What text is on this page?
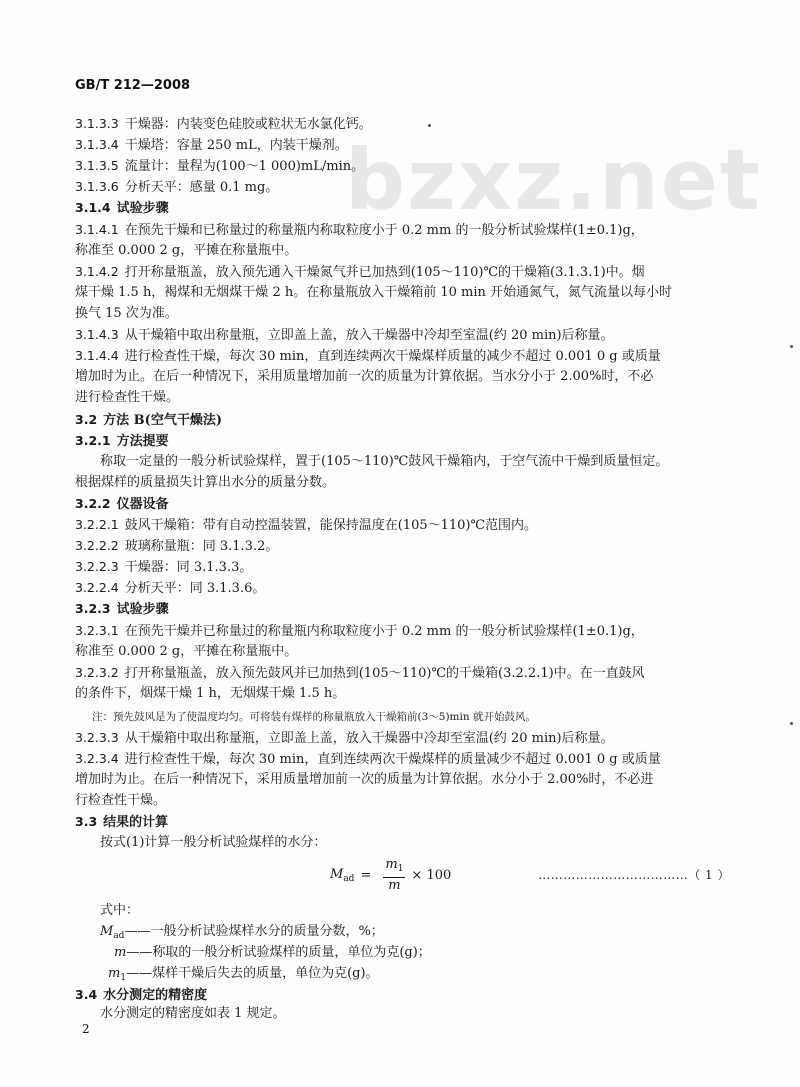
bzxz.net
GB/T 212—2008
3.1.3.3 干燥器：内装变色硅胶或粒状无水氯化钙。
3.1.3.4 干燥塔：容量 250 mL，内装干燥剂。
3.1.3.5 流量计：量程为(100～1 000)mL/min。
3.1.3.6 分析天平：感量 0.1 mg。
3.1.4 试验步骤
3.1.4.1 在预先干燥和已称量过的称量瓶内称取粒度小于 0.2 mm 的一般分析试验煤样(1±0.1)g，
称准至 0.000 2 g，平摊在称量瓶中。
3.1.4.2 打开称量瓶盖，放入预先通入干燥氮气并已加热到(105～110)℃的干燥箱(3.1.3.1)中。烟
煤干燥 1.5 h，褐煤和无烟煤干燥 2 h。在称量瓶放入干燥箱前 10 min 开始通氮气，氮气流量以每小时
换气 15 次为准。
3.1.4.3 从干燥箱中取出称量瓶，立即盖上盖，放入干燥器中冷却至室温(约 20 min)后称量。
3.1.4.4 进行检查性干燥，每次 30 min，直到连续两次干燥煤样质量的减少不超过 0.001 0 g 或质量
增加时为止。在后一种情况下，采用质量增加前一次的质量为计算依据。当水分小于 2.00%时，不必
进行检查性干燥。
3.2 方法 B(空气干燥法)
3.2.1 方法提要
称取一定量的一般分析试验煤样，置于(105～110)℃鼓风干燥箱内，于空气流中干燥到质量恒定。
根据煤样的质量损失计算出水分的质量分数。
3.2.2 仪器设备
3.2.2.1 鼓风干燥箱：带有自动控温装置，能保持温度在(105～110)℃范围内。
3.2.2.2 玻璃称量瓶：同 3.1.3.2。
3.2.2.3 干燥器：同 3.1.3.3。
3.2.2.4 分析天平：同 3.1.3.6。
3.2.3 试验步骤
3.2.3.1 在预先干燥并已称量过的称量瓶内称取粒度小于 0.2 mm 的一般分析试验煤样(1±0.1)g，
称准至 0.000 2 g，平摊在称量瓶中。
3.2.3.2 打开称量瓶盖，放入预先鼓风并已加热到(105～110)℃的干燥箱(3.2.2.1)中。在一直鼓风
的条件下，烟煤干燥 1 h，无烟煤干燥 1.5 h。
注：预先鼓风是为了使温度均匀。可将装有煤样的称量瓶放入干燥箱前(3～5)min 就开始鼓风。
3.2.3.3 从干燥箱中取出称量瓶，立即盖上盖，放入干燥器中冷却至室温(约 20 min)后称量。
3.2.3.4 进行检查性干燥，每次 30 min，直到连续两次干燥煤样的质量减少不超过 0.001 0 g 或质量
增加时为止。在后一种情况下，采用质量增加前一次的质量为计算依据。水分小于 2.00%时，不必进
行检查性干燥。
3.3 结果的计算
按式(1)计算一般分析试验煤样的水分：
$M_{ad} = \frac{m_1}{m} \times 100$	………………………………（ 1 ）
式中：
$M_{ad}——$一般分析试验煤样水分的质量分数，%；
m——称取的一般分析试验煤样的质量，单位为克(g)；
$m_1——$煤样干燥后失去的质量，单位为克(g)。
3.4 水分测定的精密度
水分测定的精密度如表 1 规定。
2
